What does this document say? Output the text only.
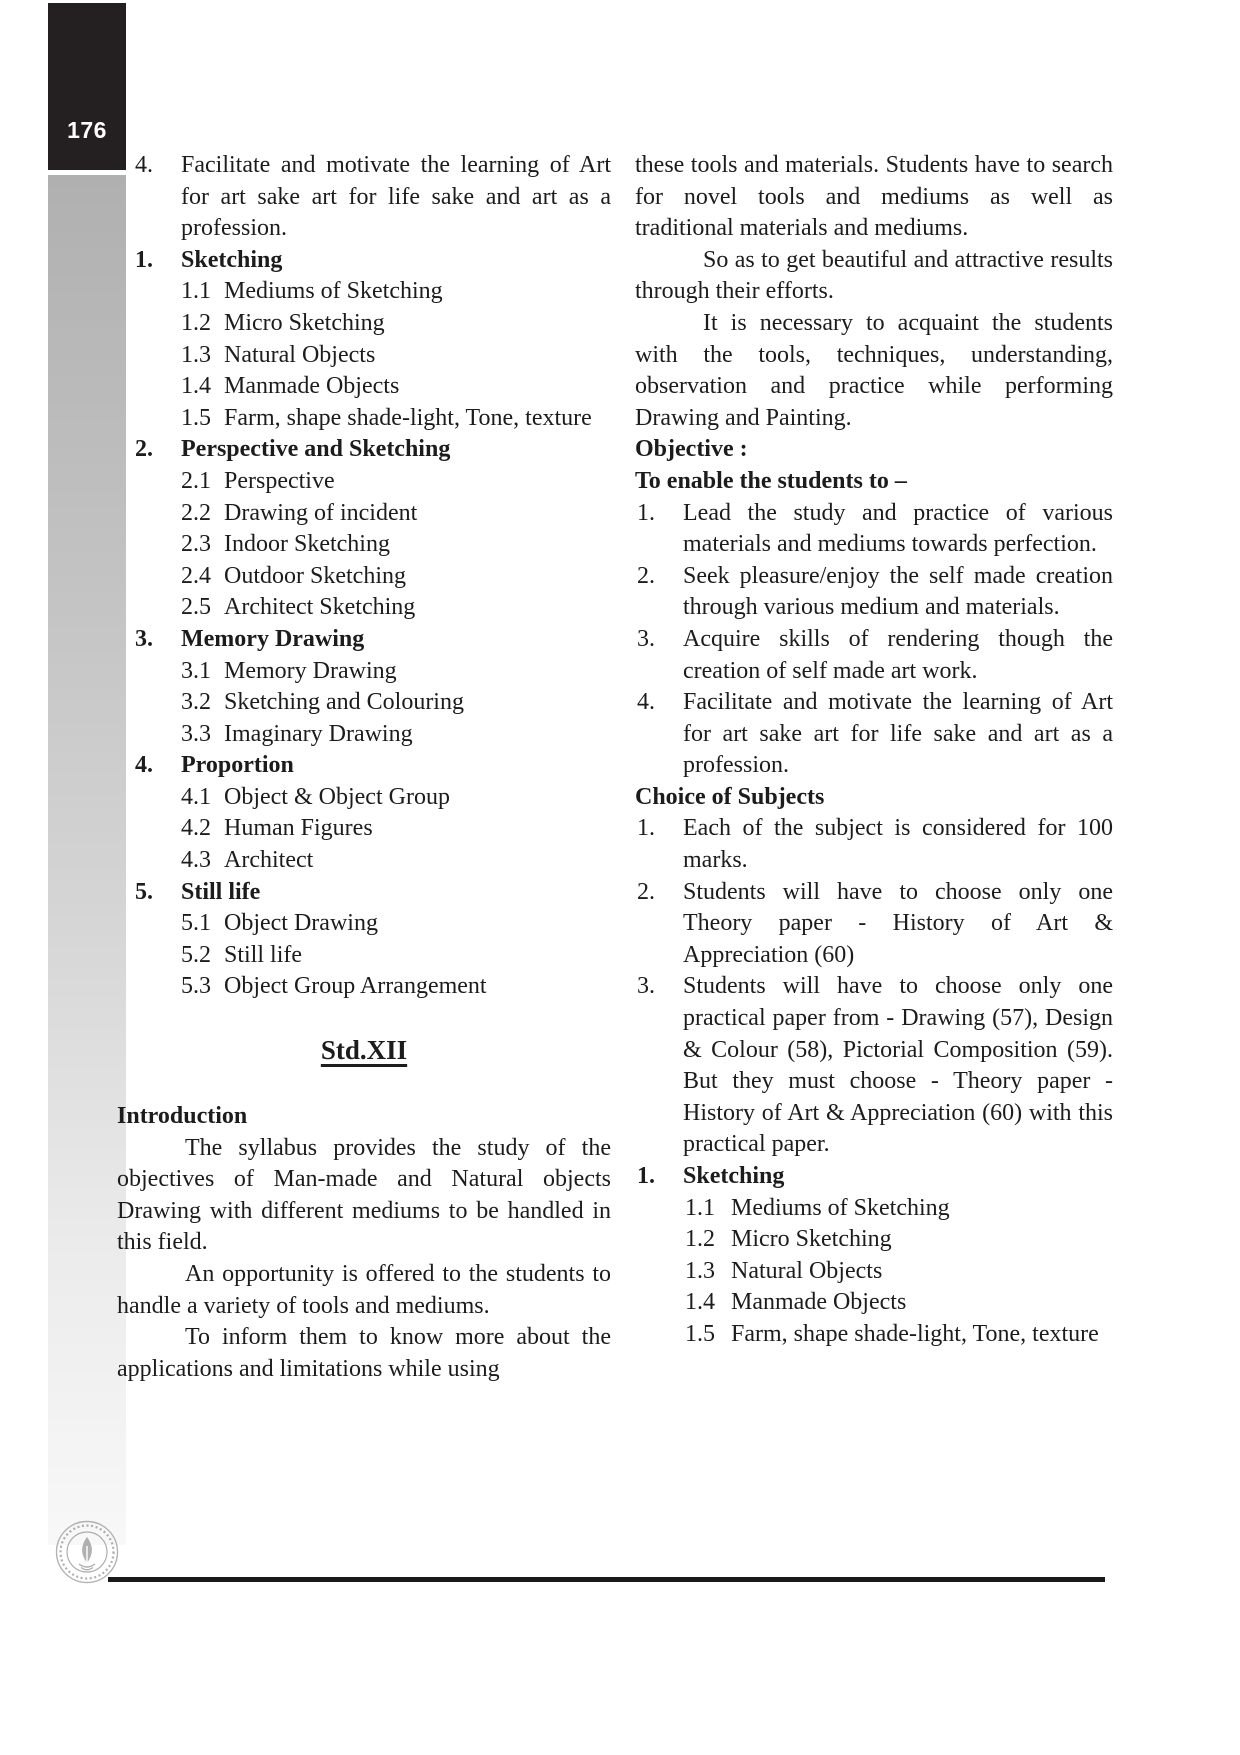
176
4. Facilitate and motivate the learning of Art for art sake art for life sake and art as a profession.
1. Sketching
1.1 Mediums of Sketching
1.2 Micro Sketching
1.3 Natural Objects
1.4 Manmade Objects
1.5 Farm, shape shade-light, Tone, texture
2. Perspective and Sketching
2.1 Perspective
2.2 Drawing of incident
2.3 Indoor Sketching
2.4 Outdoor Sketching
2.5 Architect Sketching
3. Memory Drawing
3.1 Memory Drawing
3.2 Sketching and Colouring
3.3 Imaginary Drawing
4. Proportion
4.1 Object & Object Group
4.2 Human Figures
4.3 Architect
5. Still life
5.1 Object Drawing
5.2 Still life
5.3 Object Group Arrangement
Std.XII
Introduction
The syllabus provides the study of the objectives of Man-made and Natural objects Drawing with different mediums to be handled in this field.
An opportunity is offered to the students to handle a variety of tools and mediums.
To inform them to know more about the applications and limitations while using
these tools and materials. Students have to search for novel tools and mediums as well as traditional materials and mediums.
So as to get beautiful and attractive results through their efforts.
It is necessary to acquaint the students with the tools, techniques, understanding, observation and practice while performing Drawing and Painting.
Objective :
To enable the students to –
1. Lead the study and practice of various materials and mediums towards perfection.
2. Seek pleasure/enjoy the self made creation through various medium and materials.
3. Acquire skills of rendering though the creation of self made art work.
4. Facilitate and motivate the learning of Art for art sake art for life sake and art as a profession.
Choice of Subjects
1. Each of the subject is considered for 100 marks.
2. Students will have to choose only one Theory paper - History of Art & Appreciation (60)
3. Students will have to choose only one practical paper from - Drawing (57), Design & Colour (58), Pictorial Composition (59). But they must choose - Theory paper - History of Art & Appreciation (60) with this practical paper.
1. Sketching
1.1 Mediums of Sketching
1.2 Micro Sketching
1.3 Natural Objects
1.4 Manmade Objects
1.5 Farm, shape shade-light, Tone, texture
